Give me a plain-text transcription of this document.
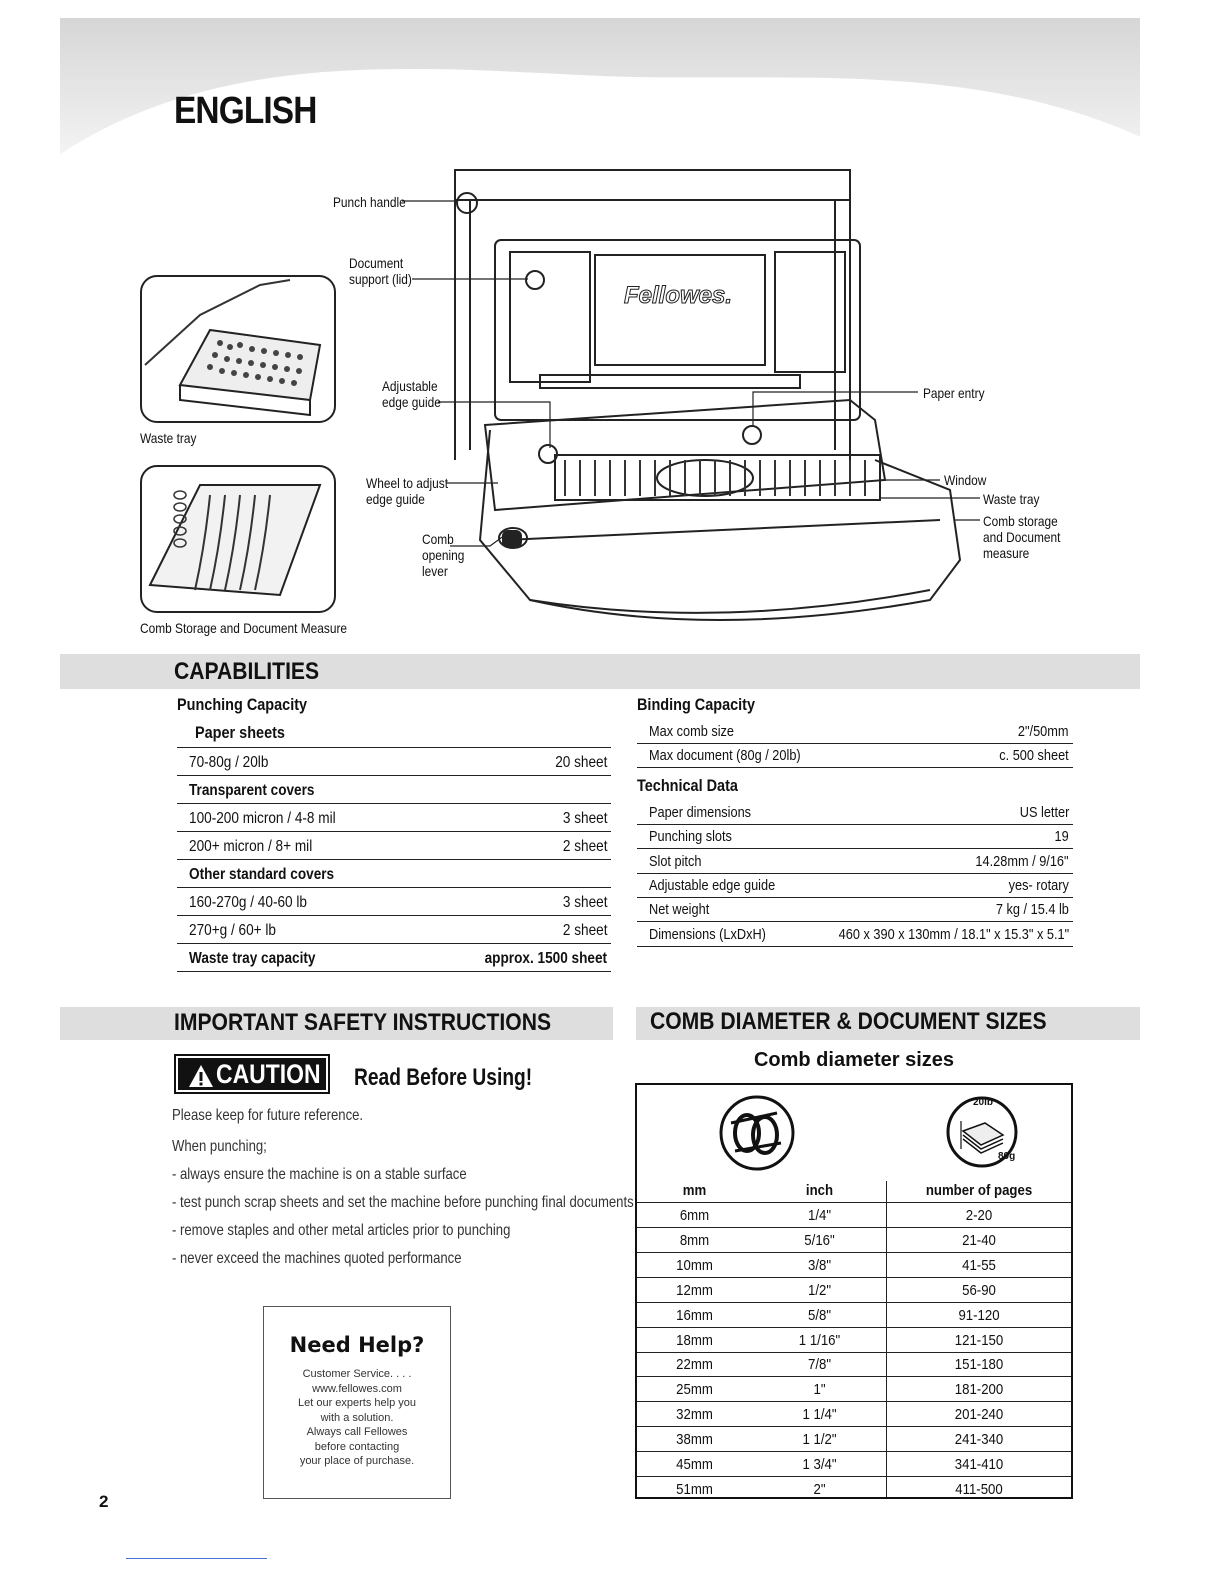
ENGLISH
Waste tray
Comb Storage and Document Measure
Fellowes.
Punch handle
Document
support (lid)
Adjustable
edge guide
Wheel to adjust
edge guide
Comb
opening
lever
Paper entry
Window
Waste tray
Comb storage
and Document
measure
CAPABILITIES
Punching Capacity
Paper sheets
70-80g / 20lb	20 sheet
Transparent covers
100-200 micron / 4-8 mil	3 sheet
200+ micron / 8+ mil	2 sheet
Other standard covers
160-270g / 40-60 lb	3 sheet
270+g / 60+ lb	2 sheet
Waste tray capacity	approx. 1500 sheet
Binding Capacity
Max comb size	2"/50mm
Max document (80g / 20lb)	c. 500 sheet
Technical Data
Paper dimensions	US letter
Punching slots	19
Slot pitch	14.28mm / 9/16"
Adjustable edge guide	yes- rotary
Net weight	7 kg / 15.4 lb
Dimensions (LxDxH)	460 x 390 x 130mm / 18.1" x 15.3" x 5.1"
IMPORTANT SAFETY INSTRUCTIONS
CAUTION Read Before Using!
Please keep for future reference.
When punching;
- always ensure the machine is on a stable surface
- test punch scrap sheets and set the machine before punching final documents
- remove staples and other metal articles prior to punching
- never exceed the machines quoted performance
Need Help?
Customer Service. . . .
www.fellowes.com
Let our experts help you
with a solution.
Always call Fellowes
before contacting
your place of purchase.
COMB DIAMETER & DOCUMENT SIZES
Comb diameter sizes
20lb
80g
mm	inch	number of pages
6mm	1/4"	2-20
8mm	5/16"	21-40
10mm	3/8"	41-55
12mm	1/2"	56-90
16mm	5/8"	91-120
18mm	1 1/16"	121-150
22mm	7/8"	151-180
25mm	1"	181-200
32mm	1 1/4"	201-240
38mm	1 1/2"	241-340
45mm	1 3/4"	341-410
51mm	2"	411-500
2
